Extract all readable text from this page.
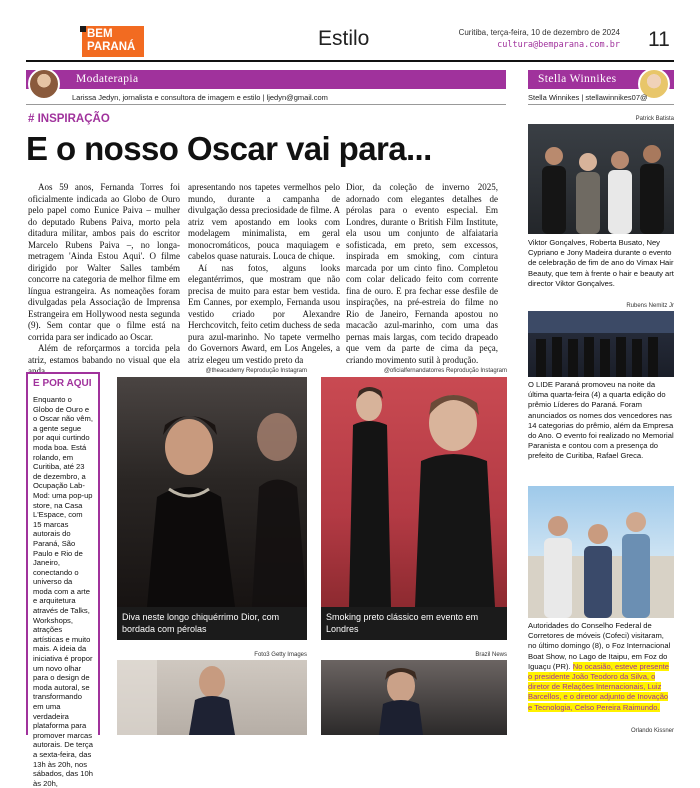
BEM
PARANÁ	Estilo	Curitiba, terça-feira, 10 de dezembro de 2024
cultura@bemparana.com.br 11
Modaterapia
Larissa Jedyn, jornalista e consultora de imagem e estilo | ljedyn@gmail.com
Stella Winnikes
Stella Winnikes | stellawinnikes07@
# INSPIRAÇÃO
E o nosso Oscar vai para...

Aos 59 anos, Fernanda Torres foi oficialmente indicada ao Globo de Ouro pelo papel como Eunice Paiva – mulher do deputado Rubens Paiva, morto pela ditadura militar, ambos pais do escritor Marcelo Rubens Paiva –, no longa-metragem 'Ainda Estou Aqui'. O filme dirigido por Walter Salles também concorre na categoria de melhor filme em língua estrangeira. As nomeações foram divulgadas pela Associação de Imprensa Estrangeira em Hollywood nesta segunda (9). Sem contar que o filme está na corrida para ser indicado ao Oscar.

Além de reforçarmos a torcida pela atriz, estamos babando no visual que ela anda

apresentando nos tapetes vermelhos pelo mundo, durante a campanha de divulgação dessa preciosidade de filme. A atriz vem apostando em looks com modelagem minimalista, em geral monocromáticos, pouca maquiagem e cabelos quase naturais. Louca de chique.

Aí nas fotos, alguns looks elegantérrimos, que mostram que não precisa de muito para estar bem vestida. Em Cannes, por exemplo, Fernanda usou vestido criado por Alexandre Herchcovitch, feito cetim duchess de seda pura azul-marinho. No tapete vermelho do Governors Award, em Los Angeles, a atriz elegeu um vestido preto da

Dior, da coleção de inverno 2025, adornado com elegantes detalhes de pérolas para o evento especial. Em Londres, durante o British Film Institute, ela usou um conjunto de alfaiataria sofisticada, em preto, sem excessos, inspirada em smoking, com cintura marcada por um cinto fino. Completou com colar delicado feito com corrente fina de ouro. E pra fechar esse desfile de inspirações, na pré-estreia do filme no Rio de Janeiro, Fernanda apostou no macacão azul-marinho, com uma das pernas mais largas, com tecido drapeado que vem da parte de cima da peça, criando movimento sutil à produção.

E POR AQUI
Enquanto o Globo de Ouro e o Oscar não vêm, a gente segue por aqui curtindo moda boa. Está rolando, em Curitiba, até 23 de dezembro, a Ocupação Lab-Mod: uma pop-up store, na Casa L'Espace, com 15 marcas autorais do Paraná, São Paulo e Rio de Janeiro, conectando o universo da moda com a arte e arquitetura através de Talks, Workshops, atrações artísticas e muito mais. A ideia da iniciativa é propor um novo olhar para o design de moda autoral, se transformando em uma verdadeira plataforma para promover marcas autorais. De terça a sexta-feira, das 13h às 20h, nos sábados, das 10h às 20h,
@theacademy Reprodução Instagram
Diva neste longo chiquérrimo Dior, com bordada com pérolas
@oficialfernandatorres Reprodução Instagram
Smoking preto clássico em evento em Londres
Foto3 Getty Images	Brazil News
Patrick Batista
Viktor Gonçalves, Roberta Busato, Ney Cypriano e Jony Madeira durante o evento de celebração de fim de ano do Vimax Hair Beauty, que tem à frente o hair e beauty art director Viktor Gonçalves.
Rubens Nemitz Jr
O LIDE Paraná promoveu na noite da última quarta-feira (4) a quarta edição do prêmio Líderes do Paraná. Foram anunciados os nomes dos vencedores nas 14 categorias do prêmio, além da Empresa do Ano. O evento foi realizado no Memorial Paranista e contou com a presença do prefeito de Curitiba, Rafael Greca.
Autoridades do Conselho Federal de Corretores de móveis (Cofeci) visitaram, no último domingo (8), o Foz Internacional Boat Show, no Lago de Itaipu, em Foz do Iguaçu (PR). No ocasião, esteve presente o presidente João Teodoro da Silva, o diretor de Relações Internacionais, Luiz Barcellos, e o diretor adjunto de Inovação e Tecnologia, Celso Pereira Raimundo.
Orlando Kissner
